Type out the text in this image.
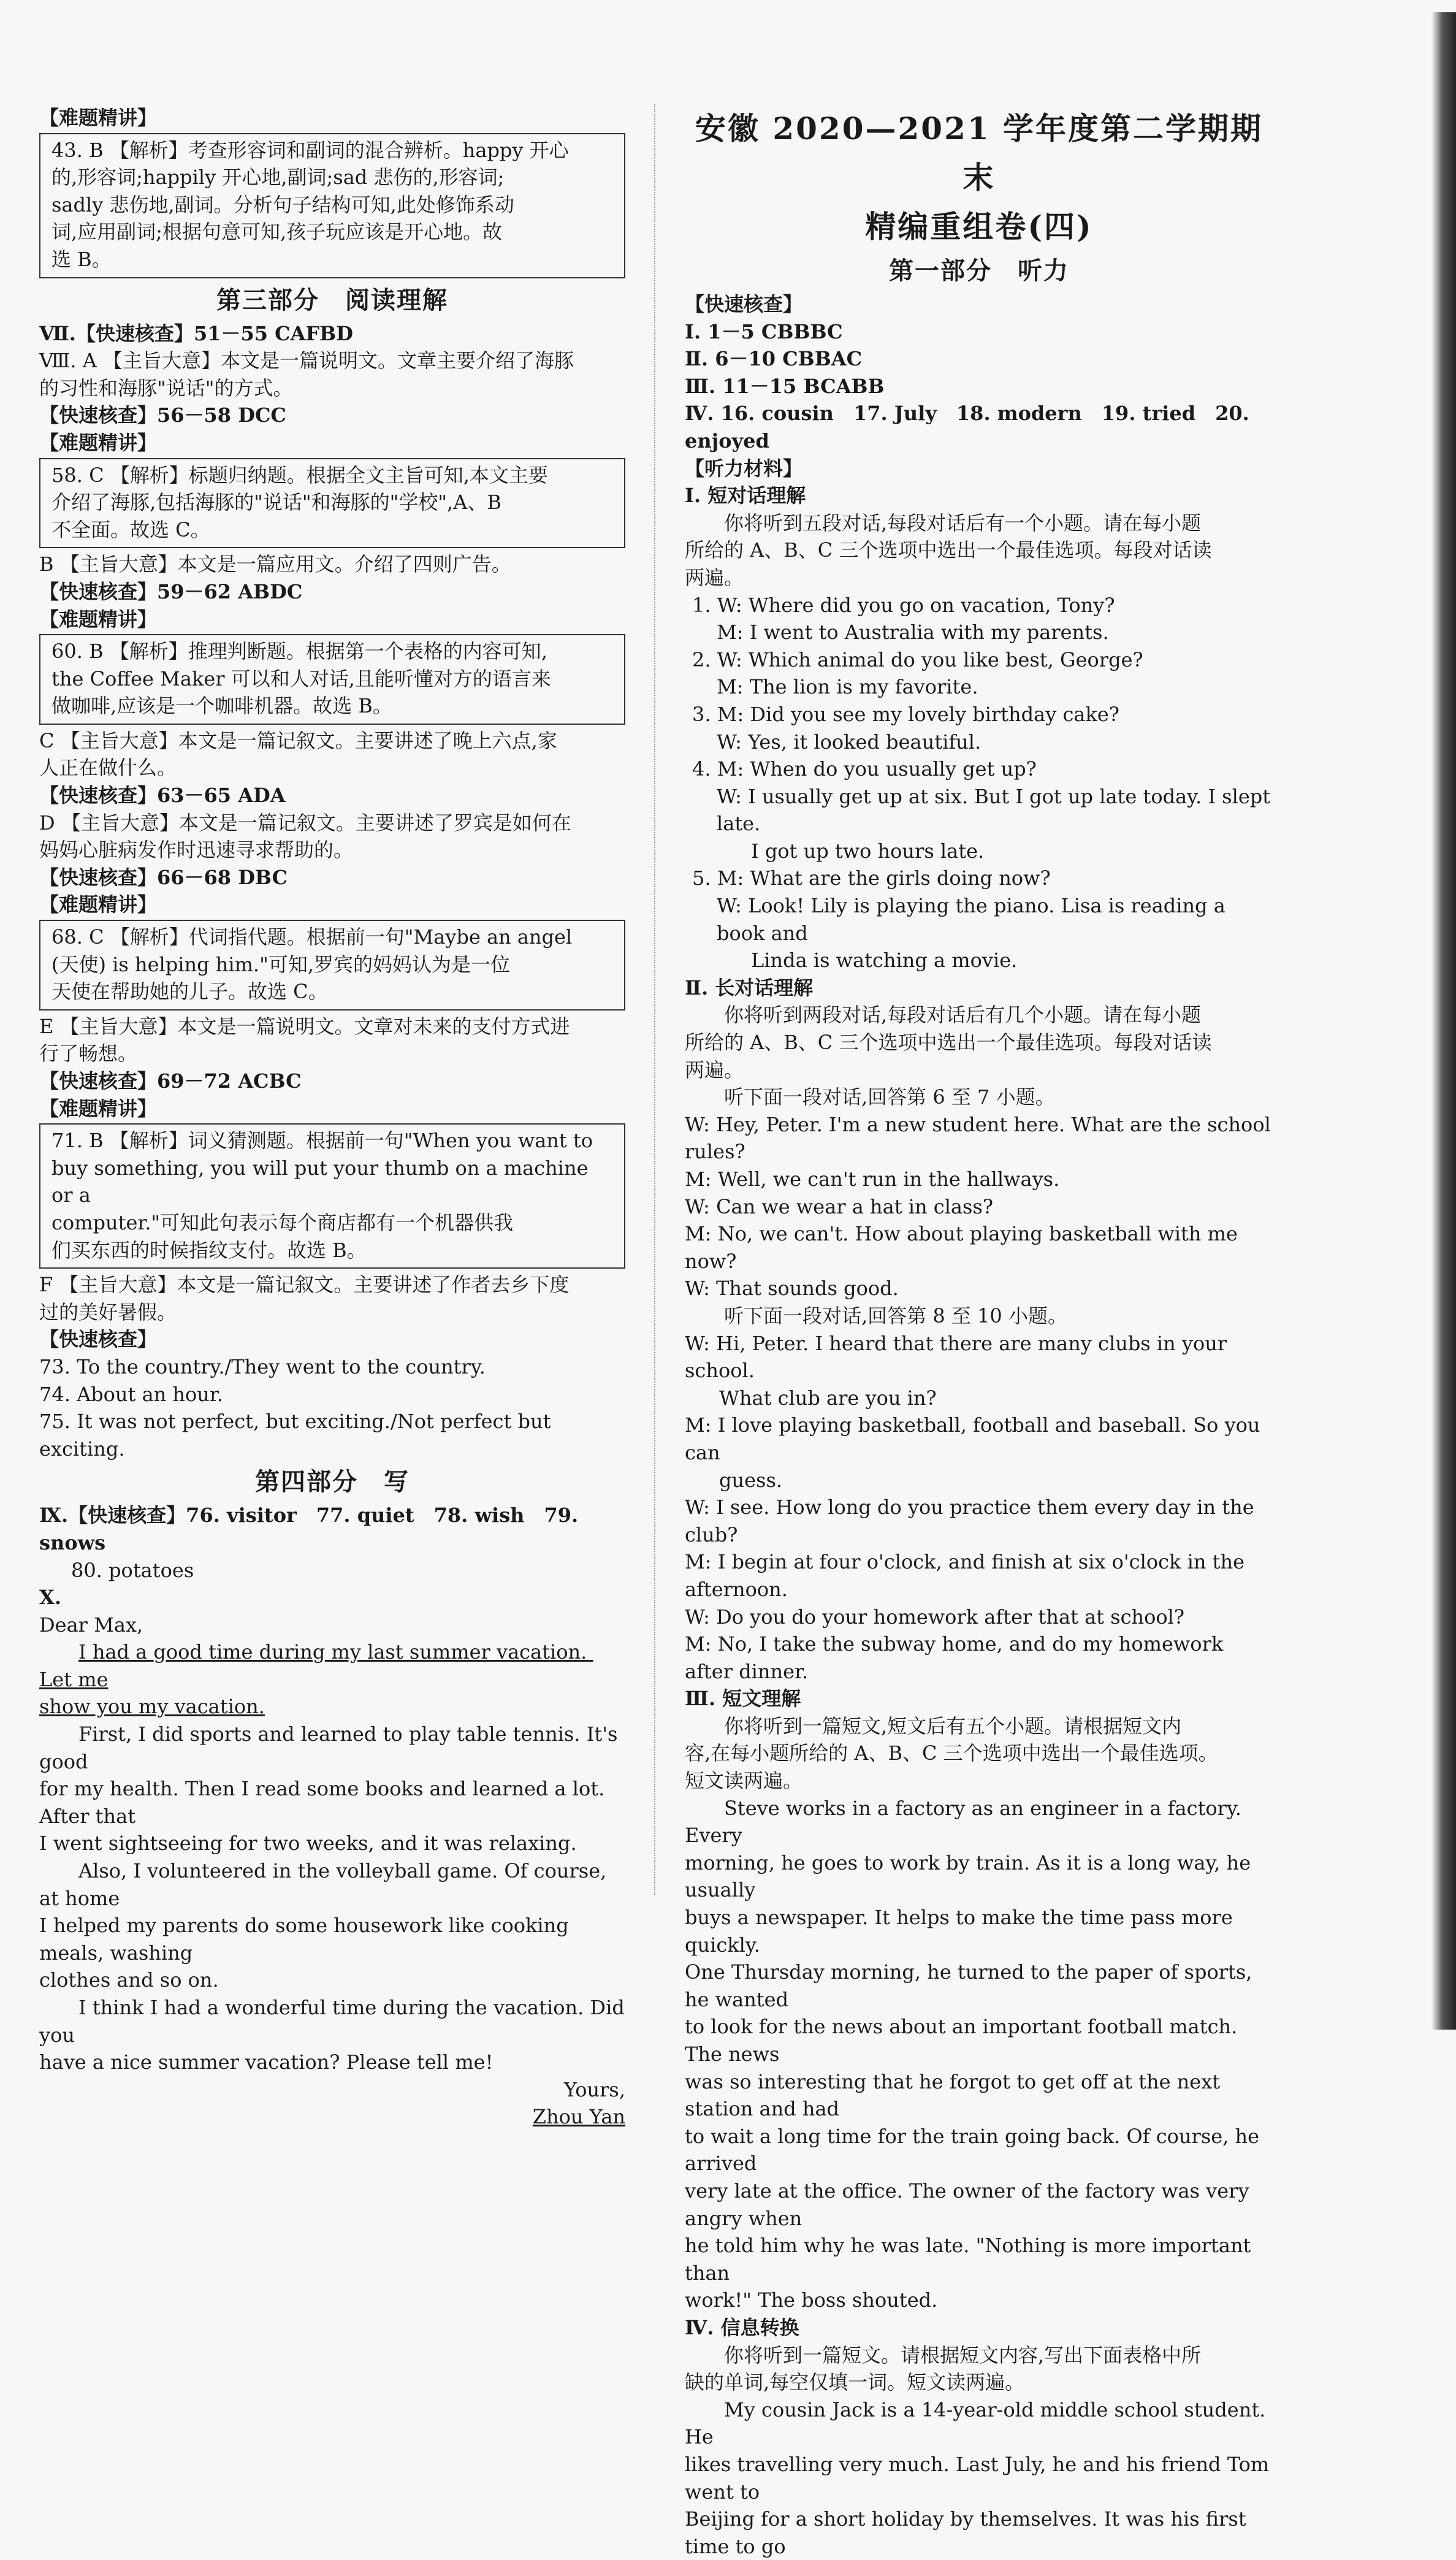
【难题精讲】
43. B 【解析】考查形容词和副词的混合辨析。happy 开心
的,形容词;happily 开心地,副词;sad 悲伤的,形容词;
sadly 悲伤地,副词。分析句子结构可知,此处修饰系动
词,应用副词;根据句意可知,孩子玩应该是开心地。故
选 B。
第三部分　阅读理解
Ⅶ.【快速核查】51－55 CAFBD
Ⅷ. A 【主旨大意】本文是一篇说明文。文章主要介绍了海豚
的习性和海豚"说话"的方式。
【快速核查】56－58 DCC
【难题精讲】
58. C 【解析】标题归纳题。根据全文主旨可知,本文主要
介绍了海豚,包括海豚的"说话"和海豚的"学校",A、B
不全面。故选 C。
B 【主旨大意】本文是一篇应用文。介绍了四则广告。
【快速核查】59－62 ABDC
【难题精讲】
60. B 【解析】推理判断题。根据第一个表格的内容可知,
the Coffee Maker 可以和人对话,且能听懂对方的语言来
做咖啡,应该是一个咖啡机器。故选 B。
C 【主旨大意】本文是一篇记叙文。主要讲述了晚上六点,家
人正在做什么。
【快速核查】63－65 ADA
D 【主旨大意】本文是一篇记叙文。主要讲述了罗宾是如何在
妈妈心脏病发作时迅速寻求帮助的。
【快速核查】66－68 DBC
【难题精讲】
68. C 【解析】代词指代题。根据前一句"Maybe an angel
(天使) is helping him."可知,罗宾的妈妈认为是一位
天使在帮助她的儿子。故选 C。
E 【主旨大意】本文是一篇说明文。文章对未来的支付方式进
行了畅想。
【快速核查】69－72 ACBC
【难题精讲】
71. B 【解析】词义猜测题。根据前一句"When you want to
buy something, you will put your thumb on a machine or a
computer."可知此句表示每个商店都有一个机器供我
们买东西的时候指纹支付。故选 B。
F 【主旨大意】本文是一篇记叙文。主要讲述了作者去乡下度
过的美好暑假。
【快速核查】
73. To the country./They went to the country.
74. About an hour.
75. It was not perfect, but exciting./Not perfect but exciting.
第四部分　写
Ⅸ.【快速核查】76. visitor　77. quiet　78. wish　79. snows
80. potatoes
Ⅹ.
Dear Max,
I had a good time during my last summer vacation. Let me
show you my vacation.
First, I did sports and learned to play table tennis. It's good
for my health. Then I read some books and learned a lot. After that
I went sightseeing for two weeks, and it was relaxing.
Also, I volunteered in the volleyball game. Of course, at home
I helped my parents do some housework like cooking meals, washing
clothes and so on.
I think I had a wonderful time during the vacation. Did you
have a nice summer vacation? Please tell me!
Yours,
Zhou Yan
安徽 2020—2021 学年度第二学期期末
精编重组卷(四)
第一部分　听力
【快速核查】
Ⅰ. 1－5 CBBBC
Ⅱ. 6－10 CBBAC
Ⅲ. 11－15 BCABB
Ⅳ. 16. cousin　17. July　18. modern　19. tried　20. enjoyed
【听力材料】
Ⅰ. 短对话理解
你将听到五段对话,每段对话后有一个小题。请在每小题
所给的 A、B、C 三个选项中选出一个最佳选项。每段对话读
两遍。
1. W: Where did you go on vacation, Tony?
M: I went to Australia with my parents.
2. W: Which animal do you like best, George?
M: The lion is my favorite.
3. M: Did you see my lovely birthday cake?
W: Yes, it looked beautiful.
4. M: When do you usually get up?
W: I usually get up at six. But I got up late today. I slept late.
I got up two hours late.
5. M: What are the girls doing now?
W: Look! Lily is playing the piano. Lisa is reading a book and
Linda is watching a movie.
Ⅱ. 长对话理解
你将听到两段对话,每段对话后有几个小题。请在每小题
所给的 A、B、C 三个选项中选出一个最佳选项。每段对话读
两遍。
听下面一段对话,回答第 6 至 7 小题。
W: Hey, Peter. I'm a new student here. What are the school rules?
M: Well, we can't run in the hallways.
W: Can we wear a hat in class?
M: No, we can't. How about playing basketball with me now?
W: That sounds good.
听下面一段对话,回答第 8 至 10 小题。
W: Hi, Peter. I heard that there are many clubs in your school.
What club are you in?
M: I love playing basketball, football and baseball. So you can
guess.
W: I see. How long do you practice them every day in the club?
M: I begin at four o'clock, and finish at six o'clock in the afternoon.
W: Do you do your homework after that at school?
M: No, I take the subway home, and do my homework after dinner.
Ⅲ. 短文理解
你将听到一篇短文,短文后有五个小题。请根据短文内
容,在每小题所给的 A、B、C 三个选项中选出一个最佳选项。
短文读两遍。
Steve works in a factory as an engineer in a factory. Every
morning, he goes to work by train. As it is a long way, he usually
buys a newspaper. It helps to make the time pass more quickly.
One Thursday morning, he turned to the paper of sports, he wanted
to look for the news about an important football match. The news
was so interesting that he forgot to get off at the next station and had
to wait a long time for the train going back. Of course, he arrived
very late at the office. The owner of the factory was very angry when
he told him why he was late. "Nothing is more important than
work!" The boss shouted.
Ⅳ. 信息转换
你将听到一篇短文。请根据短文内容,写出下面表格中所
缺的单词,每空仅填一词。短文读两遍。
My cousin Jack is a 14-year-old middle school student. He
likes travelling very much. Last July, he and his friend Tom went to
Beijing for a short holiday by themselves. It was his first time to go
